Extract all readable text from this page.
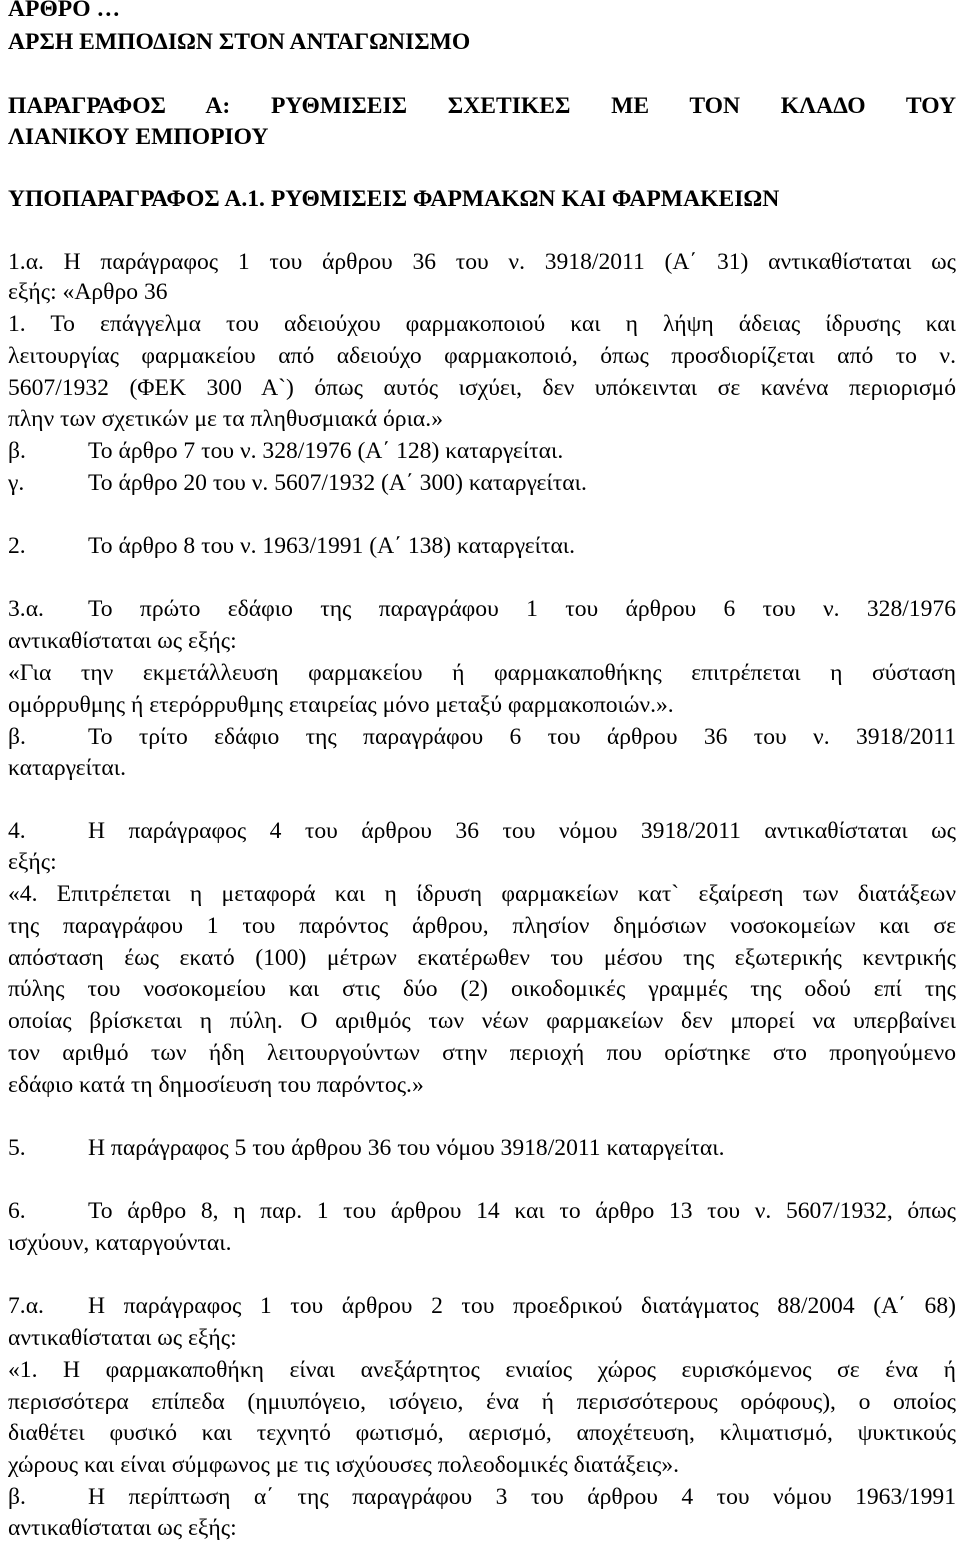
ΑΡΘΡΟ …
ΑΡΣΗ ΕΜΠΟΔΙΩΝ ΣΤΟΝ ΑΝΤΑΓΩΝΙΣΜΟ
ΠΑΡΑΓΡΑΦΟΣ Α: ΡΥΘΜΙΣΕΙΣ ΣΧΕΤΙΚΕΣ ΜΕ ΤΟΝ ΚΛΑΔΟ ΤΟΥ
ΛΙΑΝΙΚΟΥ ΕΜΠΟΡΙΟΥ
ΥΠΟΠΑΡΑΓΡΑΦΟΣ Α.1. ΡΥΘΜΙΣΕΙΣ ΦΑΡΜΑΚΩΝ ΚΑΙ ΦΑΡΜΑΚΕΙΩΝ
1.α. Η παράγραφος 1 του άρθρου 36 του ν. 3918/2011 (Α΄ 31) αντικαθίσταται ως
εξής: «Αρθρο 36
1. Το επάγγελμα του αδειούχου φαρμακοποιού και η λήψη άδειας ίδρυσης και
λειτουργίας φαρμακείου από αδειούχο φαρμακοποιό, όπως προσδιορίζεται από το ν.
5607/1932 (ΦΕΚ 300 Α`) όπως αυτός ισχύει, δεν υπόκεινται σε κανένα περιορισμό
πλην των σχετικών με τα πληθυσμιακά όρια.»
β.	Το άρθρο 7 του ν. 328/1976 (Α΄ 128) καταργείται.
γ.	Το άρθρο 20 του ν. 5607/1932 (Α΄ 300) καταργείται.
2.	Το άρθρο 8 του ν. 1963/1991 (Α΄ 138) καταργείται.
3.α. Το πρώτο εδάφιο της παραγράφου 1 του άρθρου 6 του ν. 328/1976
αντικαθίσταται ως εξής:
«Για την εκμετάλλευση φαρμακείου ή φαρμακαποθήκης επιτρέπεται η σύσταση
ομόρρυθμης ή ετερόρρυθμης εταιρείας μόνο μεταξύ φαρμακοποιών.».
β.	Το τρίτο εδάφιο της παραγράφου 6 του άρθρου 36 του ν. 3918/2011
καταργείται.
4.	Η παράγραφος 4 του άρθρου 36 του νόμου 3918/2011 αντικαθίσταται ως
εξής:
«4. Επιτρέπεται η μεταφορά και η ίδρυση φαρμακείων κατ` εξαίρεση των διατάξεων
της παραγράφου 1 του παρόντος άρθρου, πλησίον δημόσιων νοσοκομείων και σε
απόσταση έως εκατό (100) μέτρων εκατέρωθεν του μέσου της εξωτερικής κεντρικής
πύλης του νοσοκομείου και στις δύο (2) οικοδομικές γραμμές της οδού επί της
οποίας βρίσκεται η πύλη. Ο αριθμός των νέων φαρμακείων δεν μπορεί να υπερβαίνει
τον αριθμό των ήδη λειτουργούντων στην περιοχή που ορίστηκε στο προηγούμενο
εδάφιο κατά τη δημοσίευση του παρόντος.»
5.	Η παράγραφος 5 του άρθρου 36 του νόμου 3918/2011 καταργείται.
6.	Το άρθρο 8, η παρ. 1 του άρθρου 14 και το άρθρο 13 του ν. 5607/1932, όπως
ισχύουν, καταργούνται.
7.α. Η παράγραφος 1 του άρθρου 2 του προεδρικού διατάγματος 88/2004 (Α΄ 68)
αντικαθίσταται ως εξής:
«1. Η φαρμακαποθήκη είναι ανεξάρτητος ενιαίος χώρος ευρισκόμενος σε ένα ή
περισσότερα επίπεδα (ημιυπόγειο, ισόγειο, ένα ή περισσότερους ορόφους), ο οποίος
διαθέτει φυσικό και τεχνητό φωτισμό, αερισμό, αποχέτευση, κλιματισμό, ψυκτικούς
χώρους και είναι σύμφωνος με τις ισχύουσες πολεοδομικές διατάξεις».
β.	Η περίπτωση α΄ της παραγράφου 3 του άρθρου 4 του νόμου 1963/1991
αντικαθίσταται ως εξής:
